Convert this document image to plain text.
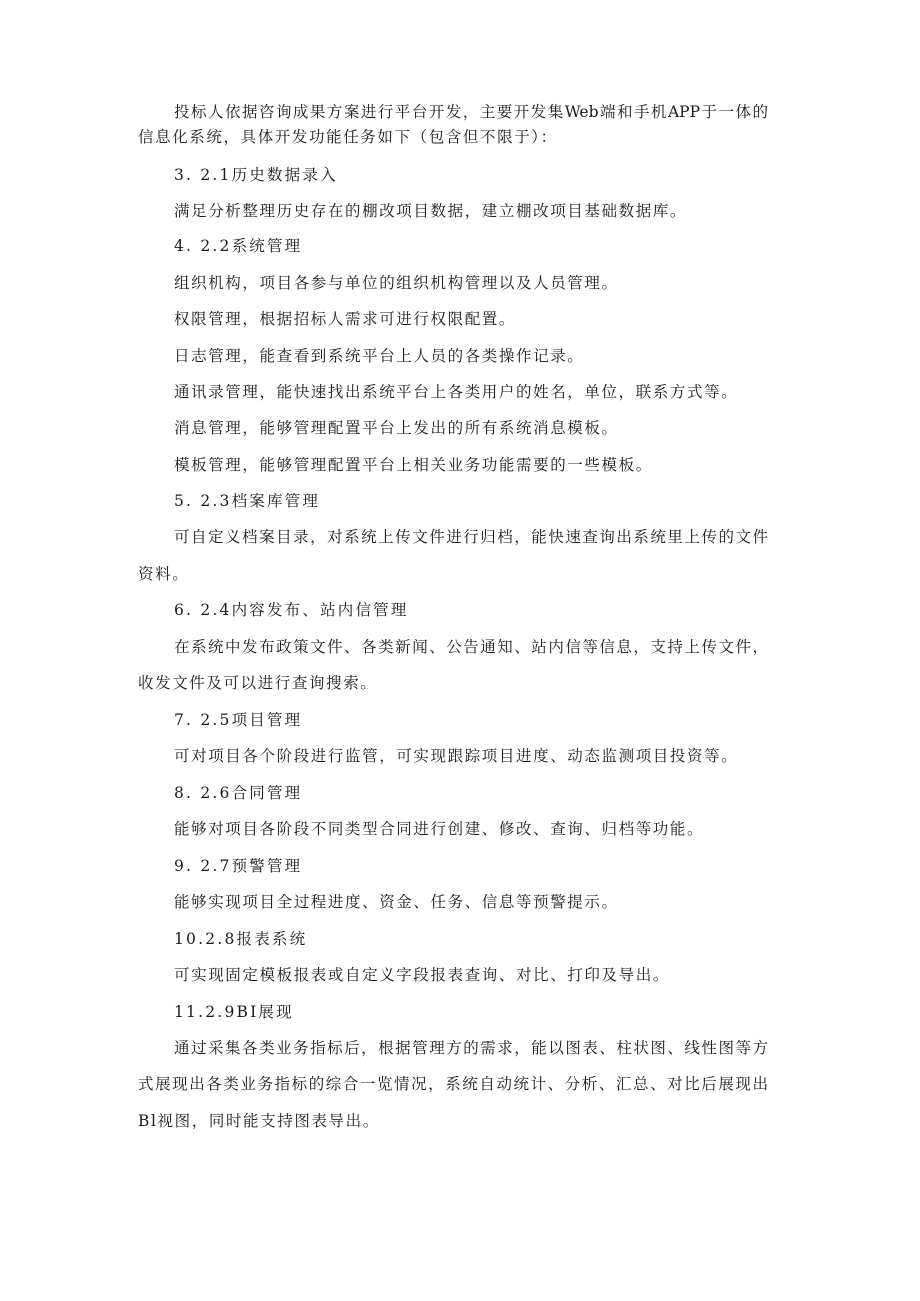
投标人依据咨询成果方案进行平台开发，主要开发集Web端和手机APP于一体的
信息化系统，具体开发功能任务如下（包含但不限于）：
3. 2.1历史数据录入
满足分析整理历史存在的棚改项目数据，建立棚改项目基础数据库。
4. 2.2系统管理
组织机构，项目各参与单位的组织机构管理以及人员管理。
权限管理，根据招标人需求可进行权限配置。
日志管理，能查看到系统平台上人员的各类操作记录。
通讯录管理，能快速找出系统平台上各类用户的姓名，单位，联系方式等。
消息管理，能够管理配置平台上发出的所有系统消息模板。
模板管理，能够管理配置平台上相关业务功能需要的一些模板。
5. 2.3档案库管理
可自定义档案目录，对系统上传文件进行归档，能快速查询出系统里上传的文件
资料。
6. 2.4内容发布、站内信管理
在系统中发布政策文件、各类新闻、公告通知、站内信等信息，支持上传文件，
收发文件及可以进行查询搜索。
7. 2.5项目管理
可对项目各个阶段进行监管，可实现跟踪项目进度、动态监测项目投资等。
8. 2.6合同管理
能够对项目各阶段不同类型合同进行创建、修改、查询、归档等功能。
9. 2.7预警管理
能够实现项目全过程进度、资金、任务、信息等预警提示。
10.2.8报表系统
可实现固定模板报表或自定义字段报表查询、对比、打印及导出。
11.2.9BI展现
通过采集各类业务指标后，根据管理方的需求，能以图表、柱状图、线性图等方
式展现出各类业务指标的综合一览情况，系统自动统计、分析、汇总、对比后展现出
Bl视图，同时能支持图表导出。
